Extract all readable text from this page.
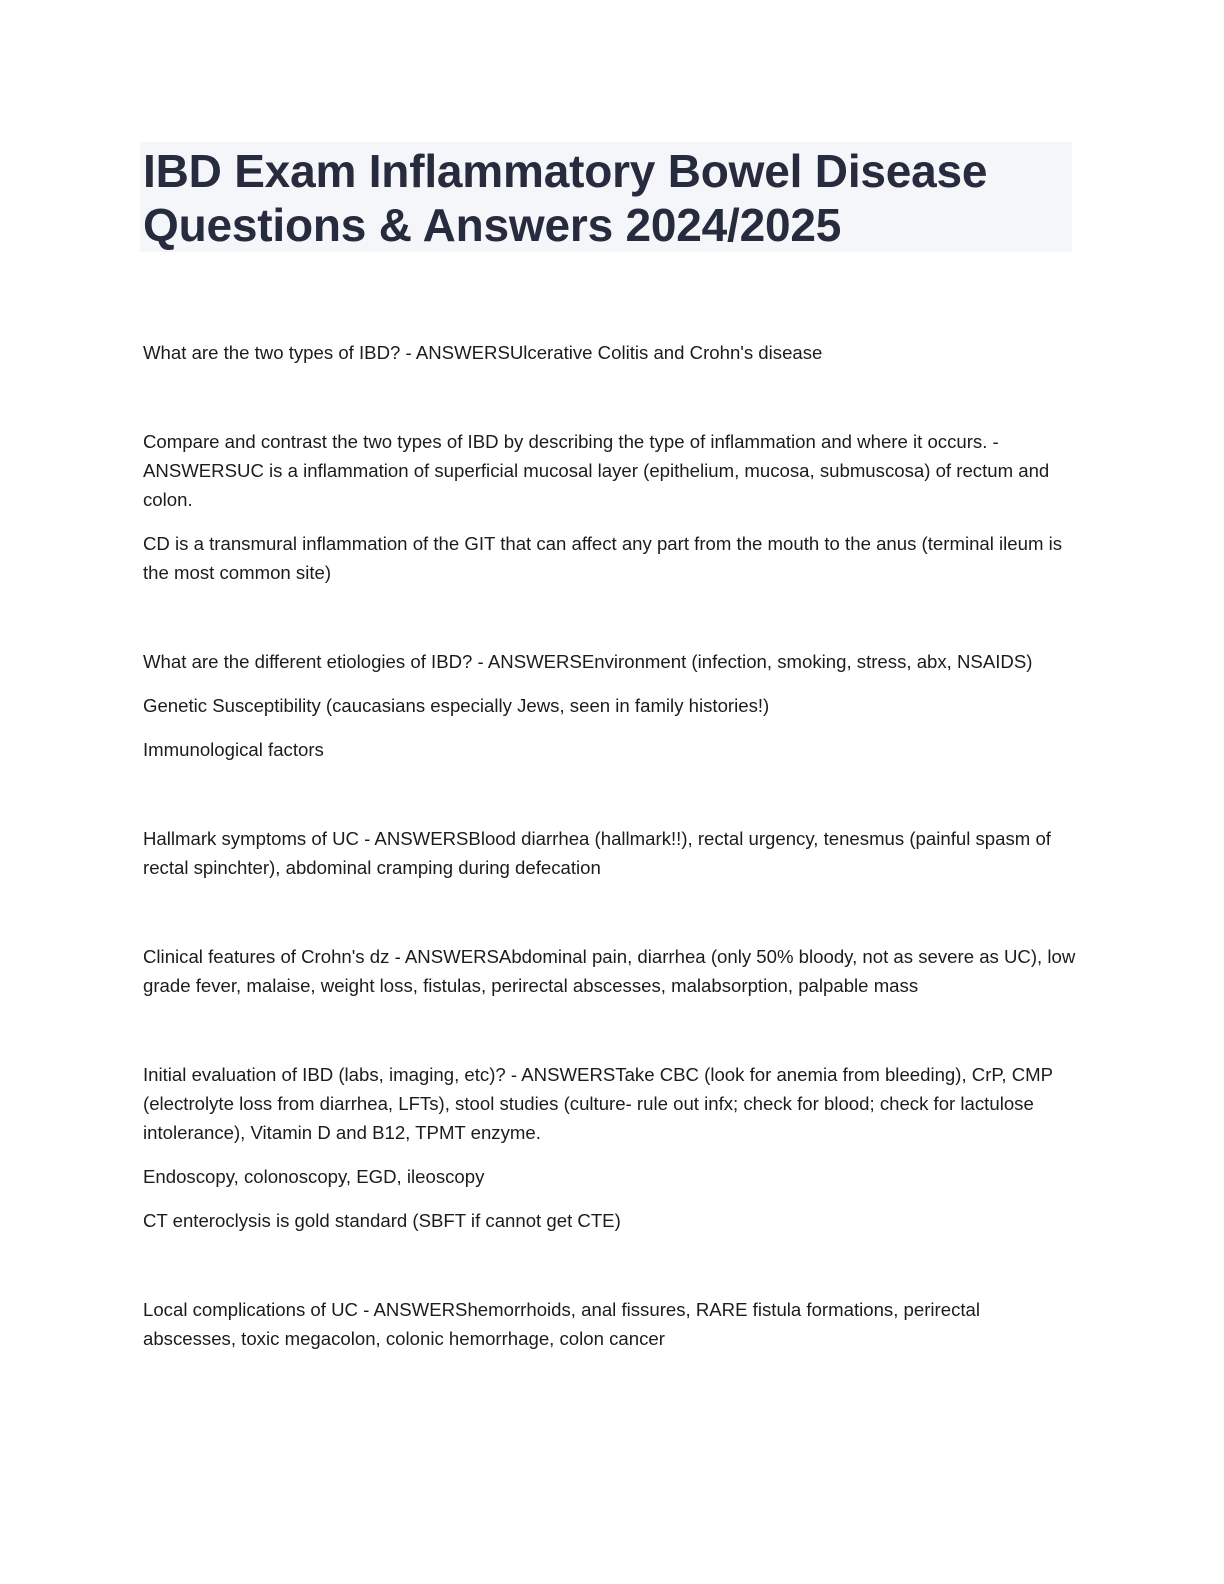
IBD Exam Inflammatory Bowel Disease
Questions & Answers 2024/2025

What are the two types of IBD? - ANSWERSUlcerative Colitis and Crohn's disease

Compare and contrast the two types of IBD by describing the type of inflammation and where it occurs. - ANSWERSUC is a inflammation of superficial mucosal layer (epithelium, mucosa, submuscosa) of rectum and colon.

CD is a transmural inflammation of the GIT that can affect any part from the mouth to the anus (terminal ileum is the most common site)

What are the different etiologies of IBD? - ANSWERSEnvironment (infection, smoking, stress, abx, NSAIDS)

Genetic Susceptibility (caucasians especially Jews, seen in family histories!)

Immunological factors

Hallmark symptoms of UC - ANSWERSBlood diarrhea (hallmark!!), rectal urgency, tenesmus (painful spasm of rectal spinchter), abdominal cramping during defecation

Clinical features of Crohn's dz - ANSWERSAbdominal pain, diarrhea (only 50% bloody, not as severe as UC), low grade fever, malaise, weight loss, fistulas, perirectal abscesses, malabsorption, palpable mass

Initial evaluation of IBD (labs, imaging, etc)? - ANSWERSTake CBC (look for anemia from bleeding), CrP, CMP (electrolyte loss from diarrhea, LFTs), stool studies (culture- rule out infx; check for blood; check for lactulose intolerance), Vitamin D and B12, TPMT enzyme.

Endoscopy, colonoscopy, EGD, ileoscopy

CT enteroclysis is gold standard (SBFT if cannot get CTE)

Local complications of UC - ANSWERShemorrhoids, anal fissures, RARE fistula formations, perirectal abscesses, toxic megacolon, colonic hemorrhage, colon cancer
